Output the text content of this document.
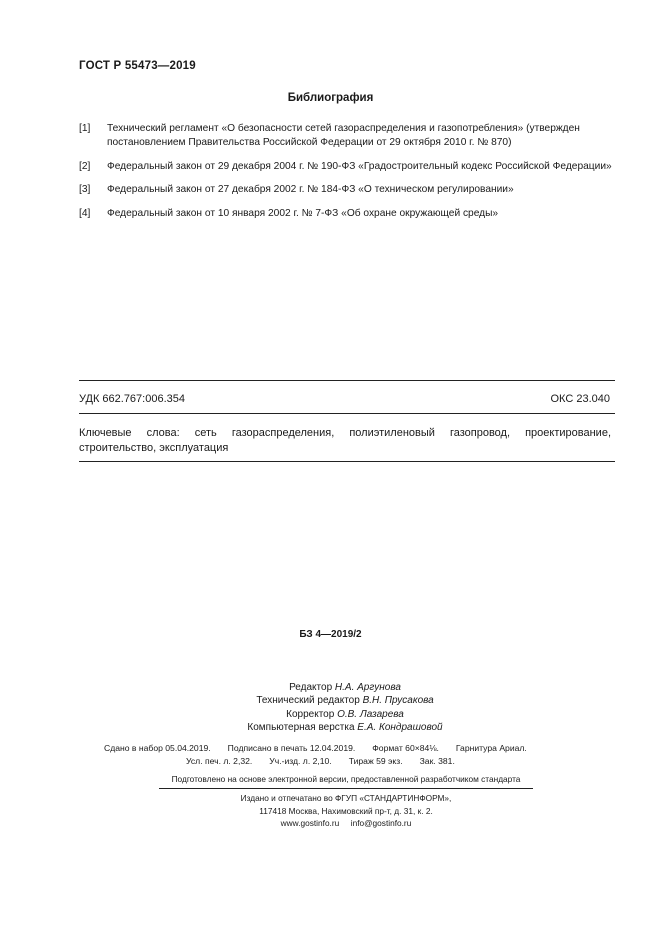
ГОСТ Р 55473—2019
Библиография
[1]	Технический регламент «О безопасности сетей газораспределения и газопотребления» (утвержден постановлением Правительства Российской Федерации от 29 октября 2010 г. № 870)
[2]	Федеральный закон от 29 декабря 2004 г. № 190-ФЗ «Градостроительный кодекс Российской Федерации»
[3]	Федеральный закон от 27 декабря 2002 г. № 184-ФЗ «О техническом регулировании»
[4]	Федеральный закон от 10 января 2002 г. № 7-ФЗ «Об охране окружающей среды»
УДК 662.767:006.354	ОКС 23.040
Ключевые слова: сеть газораспределения, полиэтиленовый газопровод, проектирование, строительство, эксплуатация
БЗ 4—2019/2
Редактор Н.А. Аргунова
Технический редактор В.Н. Прусакова
Корректор О.В. Лазарева
Компьютерная верстка Е.А. Кондрашовой
Сдано в набор 05.04.2019. Подписано в печать 12.04.2019. Формат 60×84⅛. Гарнитура Ариал.
Усл. печ. л. 2,32. Уч.-изд. л. 2,10. Тираж 59 экз. Зак. 381.
Подготовлено на основе электронной версии, предоставленной разработчиком стандарта
Издано и отпечатано во ФГУП «СТАНДАРТИНФОРМ»,
117418 Москва, Нахимовский пр-т, д. 31, к. 2.
www.gostinfo.ru     info@gostinfo.ru
